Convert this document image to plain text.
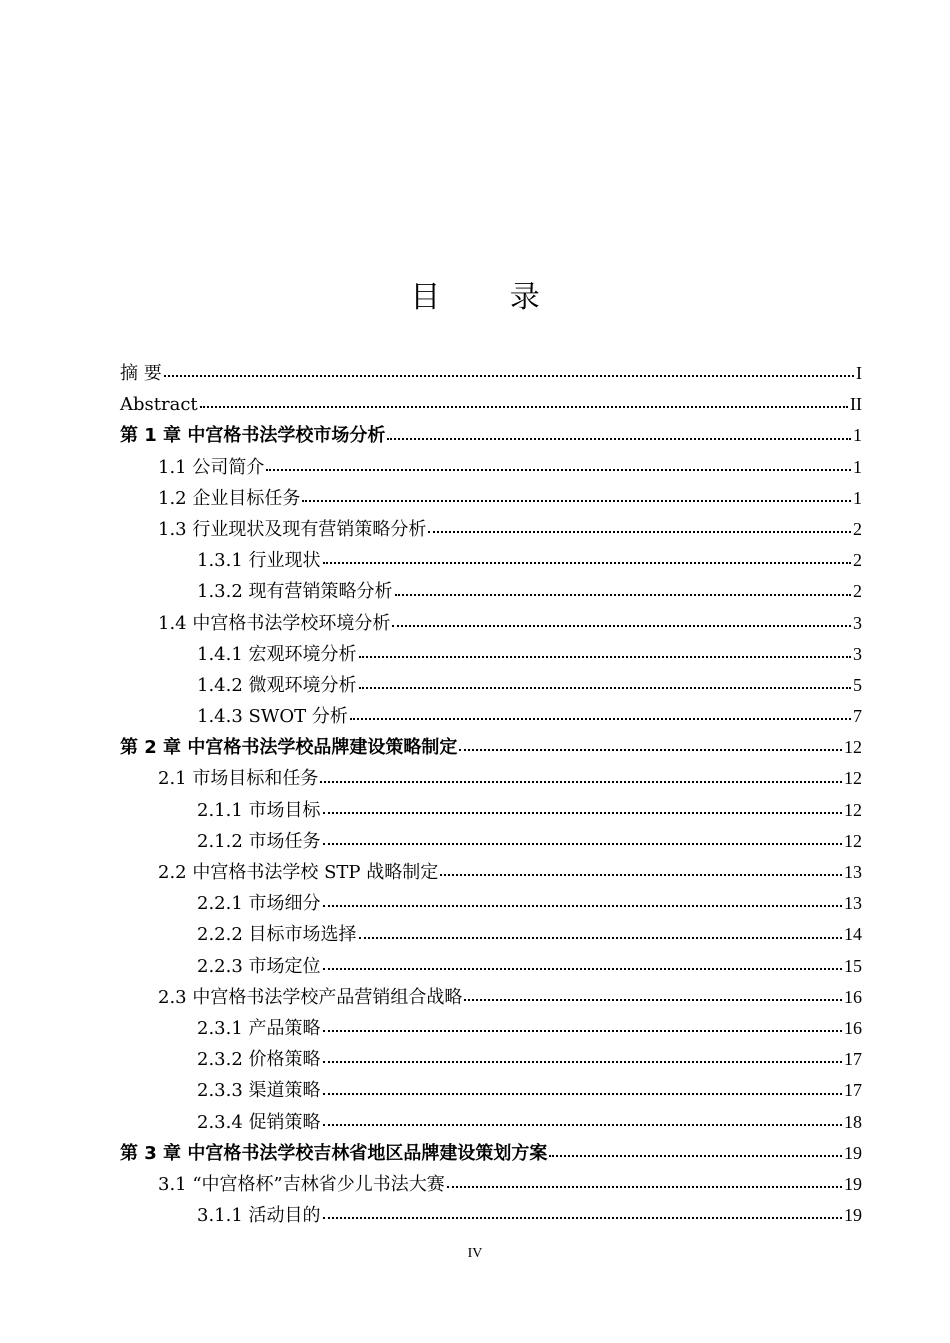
目 录
摘 要	I
Abstract	II
第 1 章 中宫格书法学校市场分析	1
1.1 公司简介	1
1.2 企业目标任务	1
1.3 行业现状及现有营销策略分析	2
1.3.1 行业现状	2
1.3.2 现有营销策略分析	2
1.4 中宫格书法学校环境分析	3
1.4.1 宏观环境分析	3
1.4.2 微观环境分析	5
1.4.3 SWOT 分析	7
第 2 章 中宫格书法学校品牌建设策略制定	12
2.1 市场目标和任务	12
2.1.1 市场目标	12
2.1.2 市场任务	12
2.2 中宫格书法学校 STP 战略制定	13
2.2.1 市场细分	13
2.2.2 目标市场选择	14
2.2.3 市场定位	15
2.3 中宫格书法学校产品营销组合战略	16
2.3.1 产品策略	16
2.3.2 价格策略	17
2.3.3 渠道策略	17
2.3.4 促销策略	18
第 3 章 中宫格书法学校吉林省地区品牌建设策划方案	19
3.1 “中宫格杯”吉林省少儿书法大赛	19
3.1.1 活动目的	19
IV
